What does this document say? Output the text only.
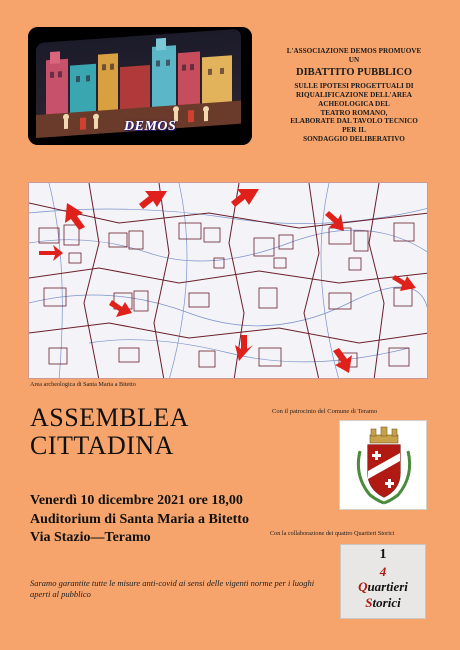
DEMOS
L'ASSOCIAZIONE DEMOS PROMUOVE
UN
DIBATTITO PUBBLICO
SULLE IPOTESI PROGETTUALI DI
RIQUALIFICAZIONE DELL'AREA
ACHEOLOGICA DEL
TEATRO ROMANO,
ELABORATE DAL TAVOLO TECNICO
PER IL
SONDAGGIO DELIBERATIVO
Area archeologica di Santa Maria a Bitetto
ASSEMBLEA
CITTADINA
Con il patrocinio del Comune di Teramo
Venerdì 10 dicembre 2021 ore 18,00
Auditorium di Santa Maria a Bitetto
Via Stazio—Teramo	Con la collaborazione dei quattro Quartieri Storici
1
4
Quartieri
Storici
Saramo garantite tutte le misure anti-covid ai sensi delle vigenti norme per i luoghi aperti al pubblico
